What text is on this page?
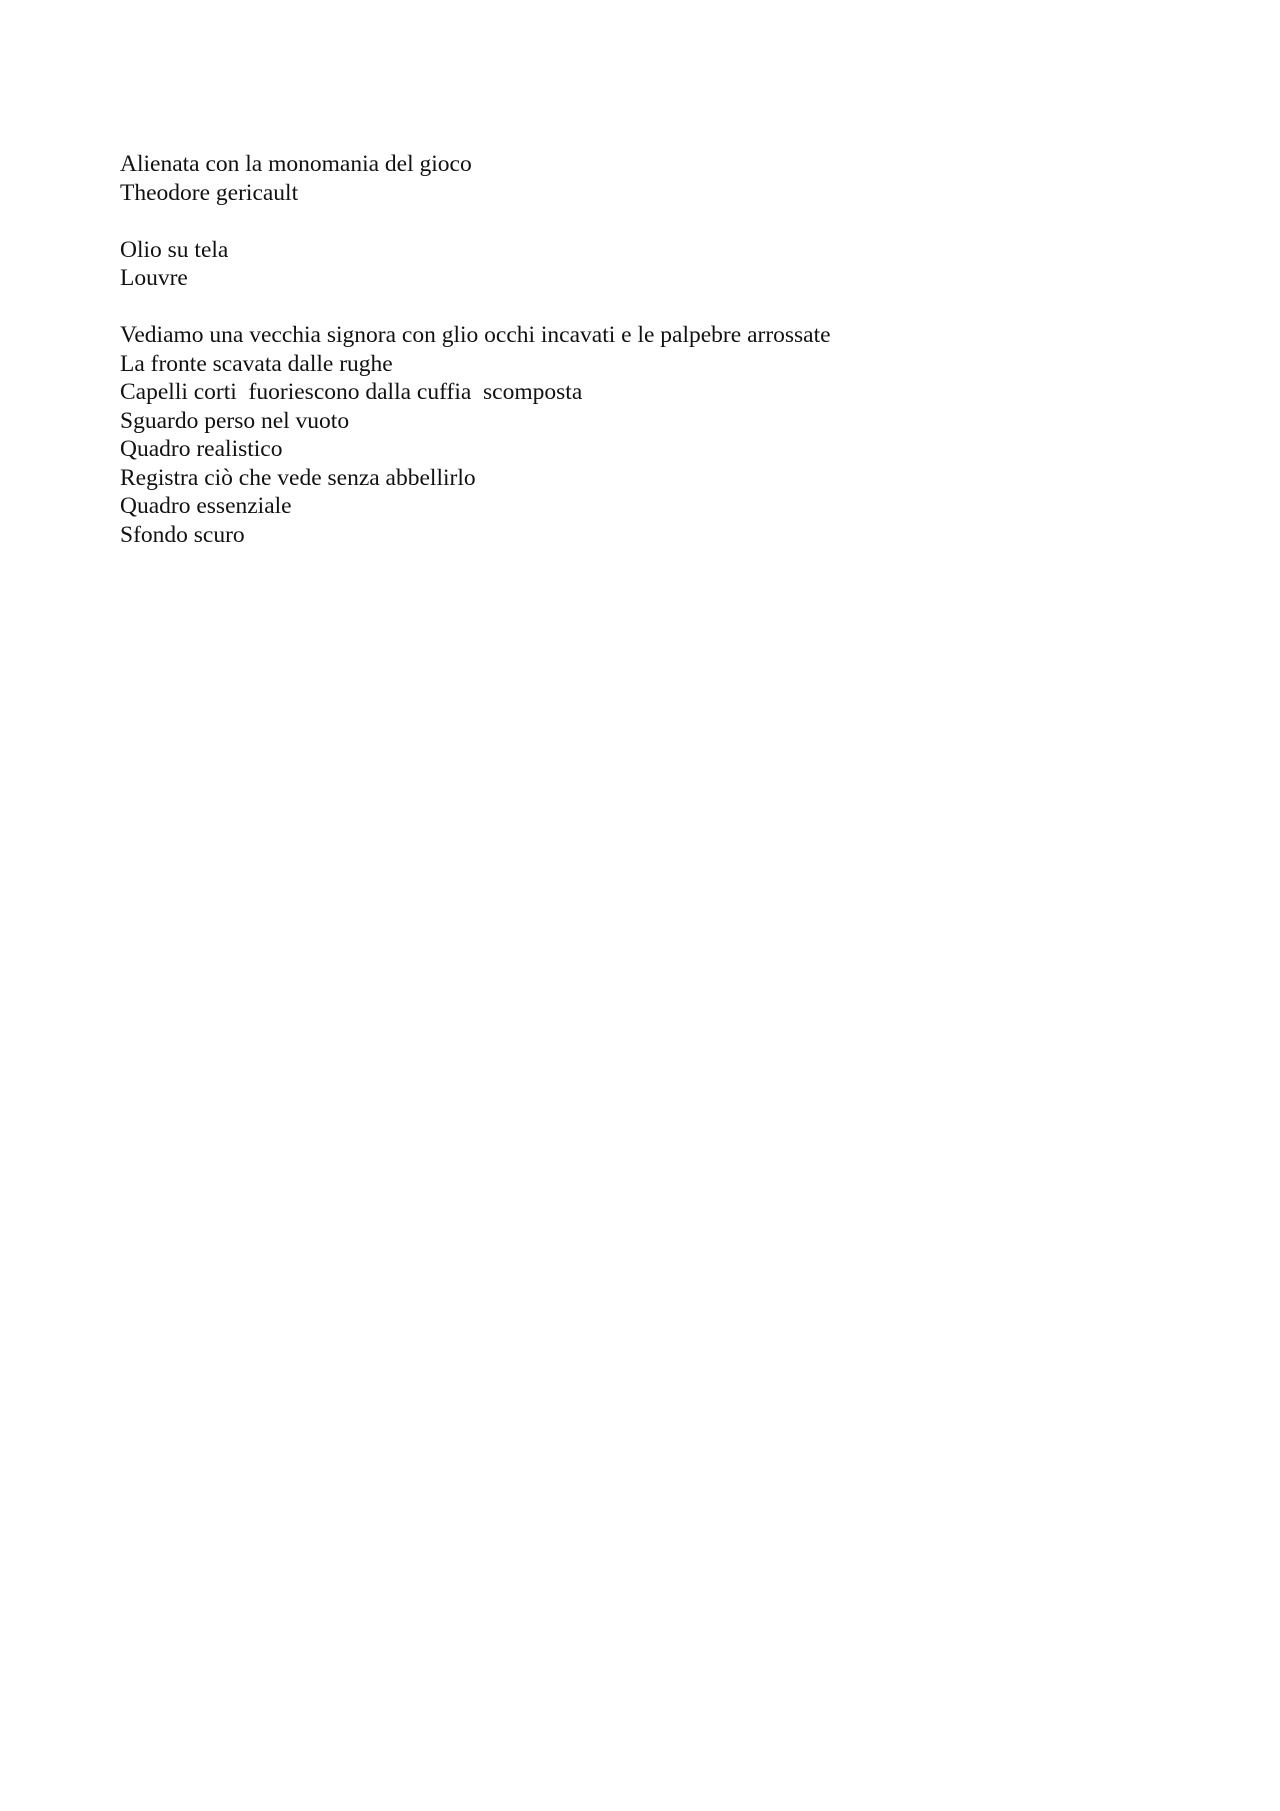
Alienata con la monomania del gioco
Theodore gericault
Olio su tela
Louvre
Vediamo una vecchia signora con glio occhi incavati e le palpebre arrossate
La fronte scavata dalle rughe
Capelli corti  fuoriescono dalla cuffia  scomposta
Sguardo perso nel vuoto
Quadro realistico
Registra ciò che vede senza abbellirlo
Quadro essenziale
Sfondo scuro
